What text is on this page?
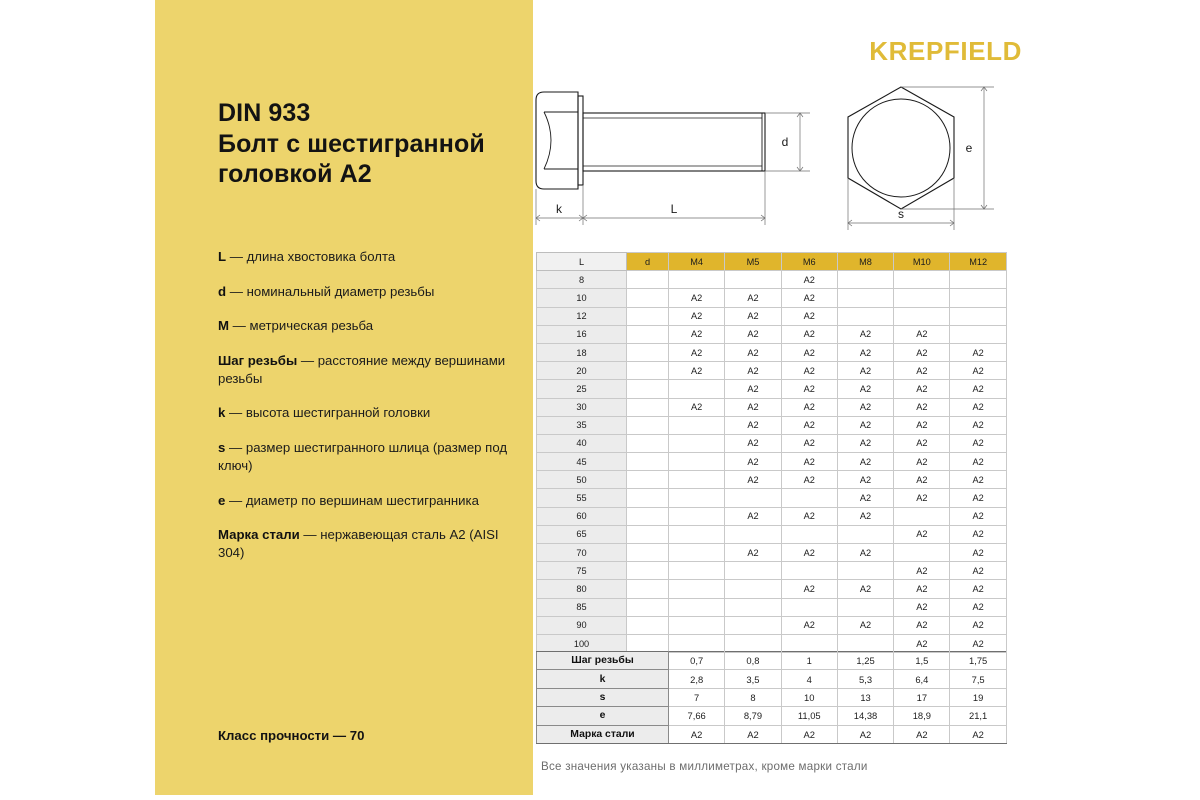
DIN 933
Болт с шестигранной
головкой А2
L — длина хвостовика болта
d — номинальный диаметр резьбы
M — метрическая резьба
Шаг резьбы — расстояние между вершинами резьбы
k — высота шестигранной головки
s — размер шестигранного шлица (размер под ключ)
e — диаметр по вершинам шестигранника
Марка стали — нержавеющая сталь А2 (AISI 304)
Класс прочности — 70
KREPFIELD
d
k	L
e
s
L	d	M4	M5	M6	M8	M10	M12
8				A2			
10		A2	A2	A2			
12		A2	A2	A2			
16		A2	A2	A2	A2	A2	
18		A2	A2	A2	A2	A2	A2
20		A2	A2	A2	A2	A2	A2
25			A2	A2	A2	A2	A2
30		A2	A2	A2	A2	A2	A2
35			A2	A2	A2	A2	A2
40			A2	A2	A2	A2	A2
45			A2	A2	A2	A2	A2
50			A2	A2	A2	A2	A2
55					A2	A2	A2
60			A2	A2	A2		A2
65						A2	A2
70			A2	A2	A2		A2
75						A2	A2
80				A2	A2	A2	A2
85						A2	A2
90				A2	A2	A2	A2
100						A2	A2
Шаг резьбы	0,7	0,8	1	1,25	1,5	1,75
k	2,8	3,5	4	5,3	6,4	7,5
s	7	8	10	13	17	19
e	7,66	8,79	11,05	14,38	18,9	21,1
Марка стали	A2	A2	A2	A2	A2	A2
Все значения указаны в миллиметрах, кроме марки стали
